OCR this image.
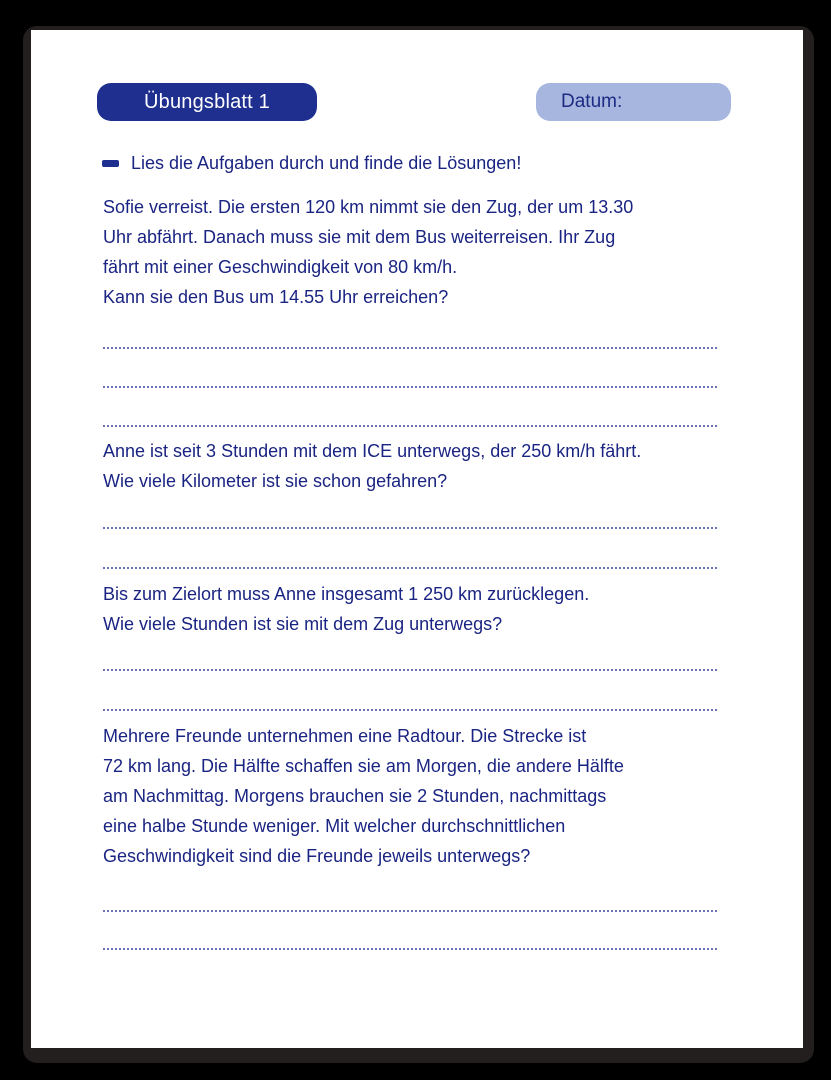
Übungsblatt 1	Datum:
Lies die Aufgaben durch und finde die Lösungen!
Sofie verreist. Die ersten 120 km nimmt sie den Zug, der um 13.30
Uhr abfährt. Danach muss sie mit dem Bus weiterreisen. Ihr Zug
fährt mit einer Geschwindigkeit von 80 km/h.
Kann sie den Bus um 14.55 Uhr erreichen?
Anne ist seit 3 Stunden mit dem ICE unterwegs, der 250 km/h fährt.
Wie viele Kilometer ist sie schon gefahren?
Bis zum Zielort muss Anne insgesamt 1 250 km zurücklegen.
Wie viele Stunden ist sie mit dem Zug unterwegs?
Mehrere Freunde unternehmen eine Radtour. Die Strecke ist
72 km lang. Die Hälfte schaffen sie am Morgen, die andere Hälfte
am Nachmittag. Morgens brauchen sie 2 Stunden, nachmittags
eine halbe Stunde weniger. Mit welcher durchschnittlichen
Geschwindigkeit sind die Freunde jeweils unterwegs?
